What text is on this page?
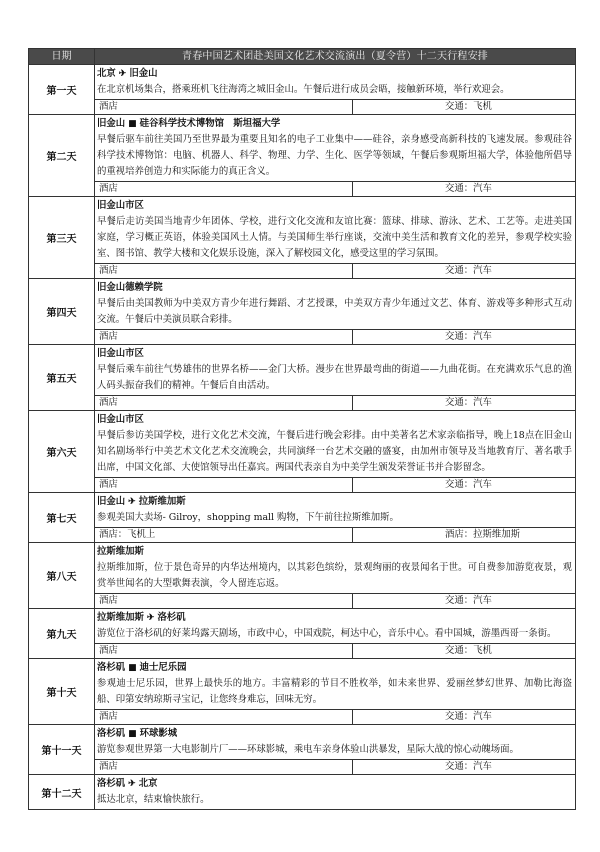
日期	青春中国艺术团赴美国文化艺术交流演出（夏令营）十二天行程安排	
第一天	北京 ✈ 旧金山
在北京机场集合，搭乘班机飞往海湾之城旧金山。午餐后进行成员会晤，接触新环境，举行欢迎会。	

	酒店	交通：飞机
第二天	旧金山 ■ 硅谷科学技术博物馆　斯坦福大学
早餐后驱车前往美国乃至世界最为重要且知名的电子工业集中——硅谷，亲身感受高新科技的飞速发展。参观硅谷科学技术博物馆：电脑、机器人、科学、物理、力学、生化、医学等领域，午餐后参观斯坦福大学，体验他所倡导的重视培养创造力和实际能力的真正含义。	

	酒店	交通：汽车
第三天	旧金山市区
早餐后走访美国当地青少年团体、学校，进行文化交流和友谊比赛：篮球、排球、游泳、艺术、工艺等。走进美国家庭，学习概正英语，体验美国风土人情。与美国师生举行座谈，交流中美生活和教育文化的差异，参观学校实验室、图书馆、教学大楼和文化娱乐设施，深入了解校园文化，感受这里的学习氛围。	

	酒店	交通：汽车
第四天	旧金山德赖学院
早餐后由美国教师为中美双方青少年进行舞蹈、才艺授课，中美双方青少年通过文艺、体育、游戏等多种形式互动交流。午餐后中美演员联合彩排。	

	酒店	交通：汽车
第五天	旧金山市区
早餐后乘车前往气势雄伟的世界名桥——金门大桥。漫步在世界最弯曲的街道——九曲花街。在充满欢乐气息的渔人码头振奋我们的精神。午餐后自由活动。	

	酒店	交通：汽车
第六天	旧金山市区
早餐后参访美国学校，进行文化艺术交流，午餐后进行晚会彩排。由中美著名艺术家亲临指导，晚上18点在旧金山知名剧场举行中美艺术文化艺术交流晚会，共同演绎一台艺术交融的盛宴，由加州市领导及当地教育厅、著名歌手出席，中国文化部、大使馆领导出任嘉宾。两国代表亲自为中美学生颁发荣誉证书并合影留念。	

	酒店	交通：汽车
第七天	旧金山 ✈ 拉斯维加斯
参观美国大卖场- Gilroy，shopping mall 购物，下午前往拉斯维加斯。	

	酒店：飞机上	酒店：拉斯维加斯
第八天	拉斯维加斯
拉斯维加斯，位于景色奇异的内华达州境内，以其彩色缤纷，景观绚丽的夜景闻名于世。可自费参加游览夜景，观赏举世闻名的大型歌舞表演，令人留连忘返。	

	酒店	交通：汽车
第九天	拉斯维加斯 ✈ 洛杉矶
游览位于洛杉矶的好莱坞露天剧场，市政中心，中国戏院，柯达中心，音乐中心。看中国城，游墨西哥一条街。	

	酒店	交通：飞机
第十天	洛杉矶 ■ 迪士尼乐园
参观迪士尼乐园，世界上最快乐的地方。丰富精彩的节目不胜枚举，如未来世界、爱丽丝梦幻世界、加勒比海盗船、印第安纳琼斯寻宝记，让您终身难忘，回味无穷。	

	酒店	交通：汽车
第十一天	洛杉矶 ■ 环球影城
游览参观世界第一大电影制片厂——环球影城，乘电车亲身体验山洪暴发，星际大战的惊心动魄场面。	

	酒店	交通：汽车
第十二天	洛杉矶 ✈ 北京
抵达北京，结束愉快旅行。	
